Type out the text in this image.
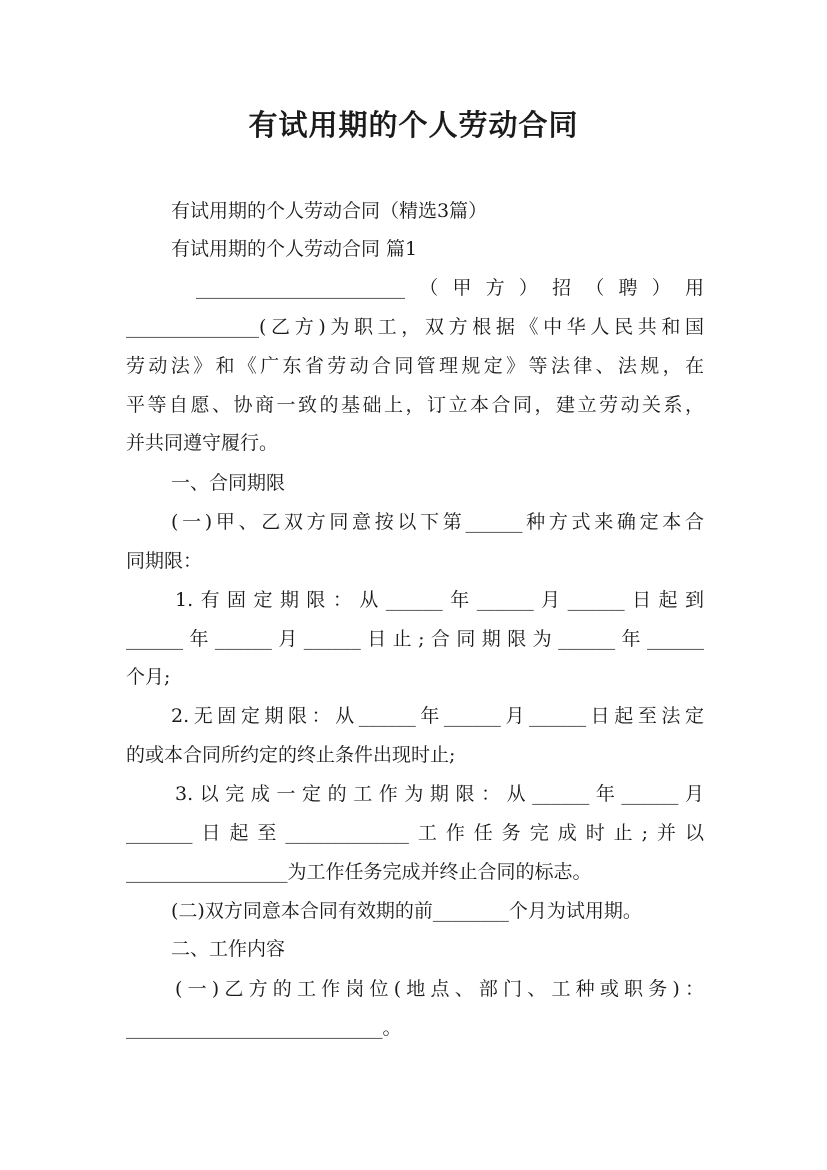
有试用期的个人劳动合同
有试用期的个人劳动合同（精选3篇）
有试用期的个人劳动合同 篇1
______________________（甲方）招（聘）用
______________(乙方)为职工，双方根据《中华人民共和国
劳动法》和《广东省劳动合同管理规定》等法律、法规，在
平等自愿、协商一致的基础上，订立本合同，建立劳动关系，
并共同遵守履行。
一、合同期限
(一)甲、乙双方同意按以下第______种方式来确定本合
同期限：
1.有固定期限：从______年______月______日起到
______年______月______日止;合同期限为______年______
个月;
2.无固定期限：从______年______月______日起至法定
的或本合同所约定的终止条件出现时止;
3.以完成一定的工作为期限：从______年______月
_______日起至_____________工作任务完成时止;并以
_________________为工作任务完成并终止合同的标志。
(二)双方同意本合同有效期的前________个月为试用期。
二、工作内容
(一)乙方的工作岗位(地点、部门、工种或职务)：
___________________________。
